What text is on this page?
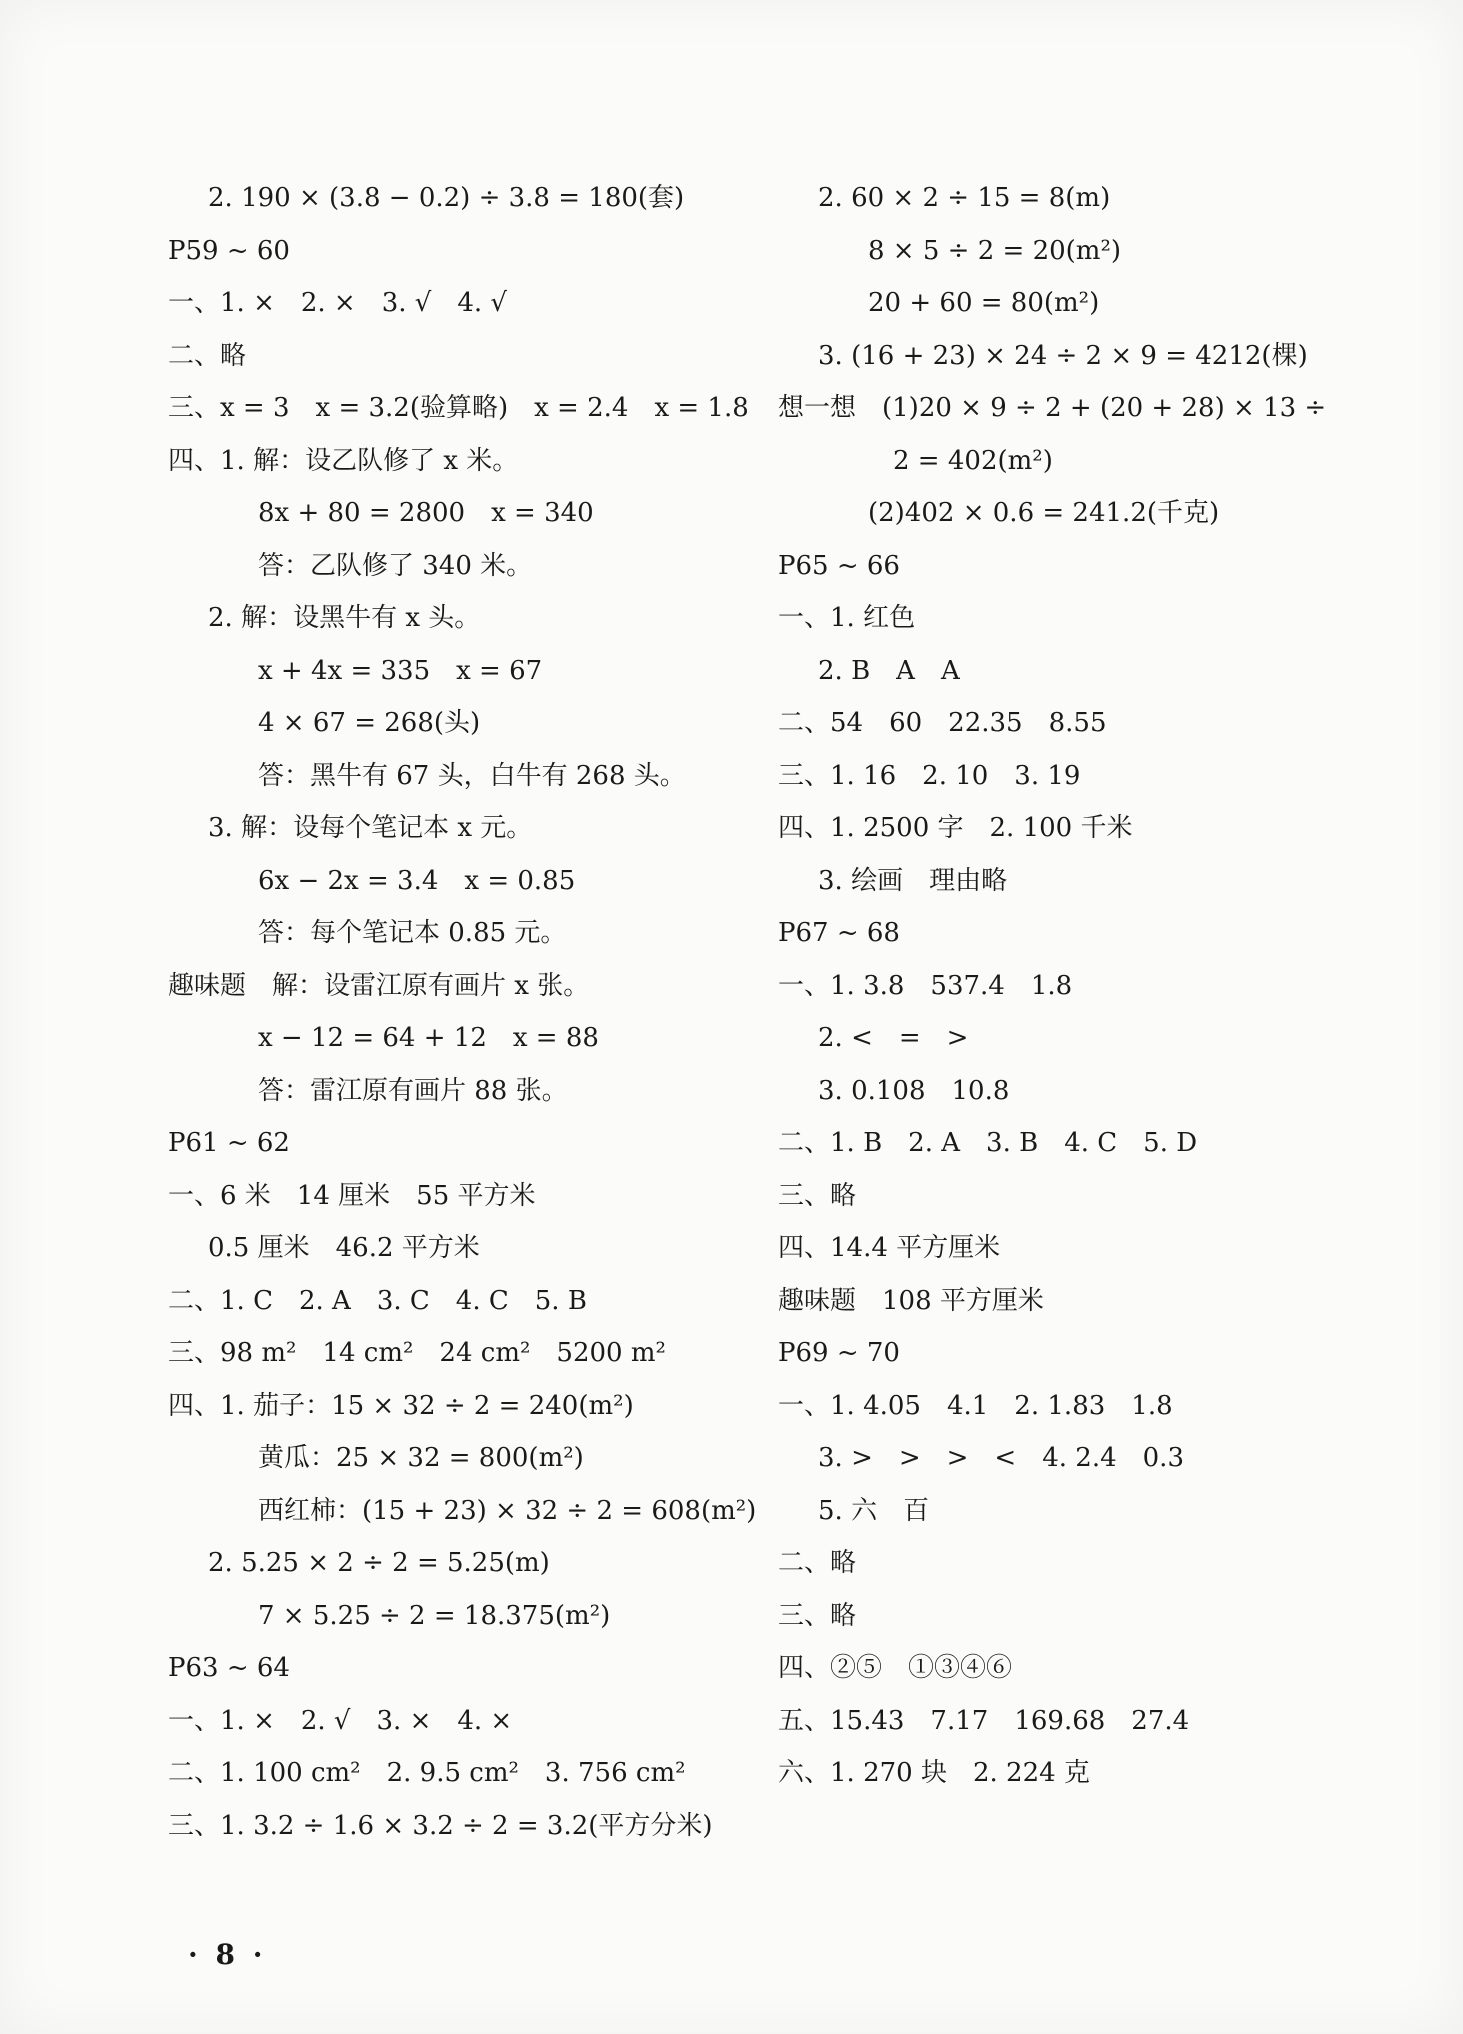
2. 190 × (3.8 − 0.2) ÷ 3.8 = 180(套)
P59 ~ 60
一、1. ×　2. ×　3. √　4. √
二、略
三、x = 3　x = 3.2(验算略)　x = 2.4　x = 1.8
四、1. 解：设乙队修了 x 米。
8x + 80 = 2800　x = 340
答：乙队修了 340 米。
2. 解：设黑牛有 x 头。
x + 4x = 335　x = 67
4 × 67 = 268(头)
答：黑牛有 67 头，白牛有 268 头。
3. 解：设每个笔记本 x 元。
6x − 2x = 3.4　x = 0.85
答：每个笔记本 0.85 元。
趣味题　解：设雷江原有画片 x 张。
x − 12 = 64 + 12　x = 88
答：雷江原有画片 88 张。
P61 ~ 62
一、6 米　14 厘米　55 平方米
0.5 厘米　46.2 平方米
二、1. C　2. A　3. C　4. C　5. B
三、98 m²　14 cm²　24 cm²　5200 m²
四、1. 茄子：15 × 32 ÷ 2 = 240(m²)
黄瓜：25 × 32 = 800(m²)
西红柿：(15 + 23) × 32 ÷ 2 = 608(m²)
2. 5.25 × 2 ÷ 2 = 5.25(m)
7 × 5.25 ÷ 2 = 18.375(m²)
P63 ~ 64
一、1. ×　2. √　3. ×　4. ×
二、1. 100 cm²　2. 9.5 cm²　3. 756 cm²
三、1. 3.2 ÷ 1.6 × 3.2 ÷ 2 = 3.2(平方分米)
2. 60 × 2 ÷ 15 = 8(m)
8 × 5 ÷ 2 = 20(m²)
20 + 60 = 80(m²)
3. (16 + 23) × 24 ÷ 2 × 9 = 4212(棵)
想一想　(1)20 × 9 ÷ 2 + (20 + 28) × 13 ÷
2 = 402(m²)
(2)402 × 0.6 = 241.2(千克)
P65 ~ 66
一、1. 红色
2. B　A　A
二、54　60　22.35　8.55
三、1. 16　2. 10　3. 19
四、1. 2500 字　2. 100 千米
3. 绘画　理由略
P67 ~ 68
一、1. 3.8　537.4　1.8
2. <　=　>
3. 0.108　10.8
二、1. B　2. A　3. B　4. C　5. D
三、略
四、14.4 平方厘米
趣味题　108 平方厘米
P69 ~ 70
一、1. 4.05　4.1　2. 1.83　1.8
3. >　>　>　<　4. 2.4　0.3
5. 六　百
二、略
三、略
四、②⑤　①③④⑥
五、15.43　7.17　169.68　27.4
六、1. 270 块　2. 224 克
· 8 ·
